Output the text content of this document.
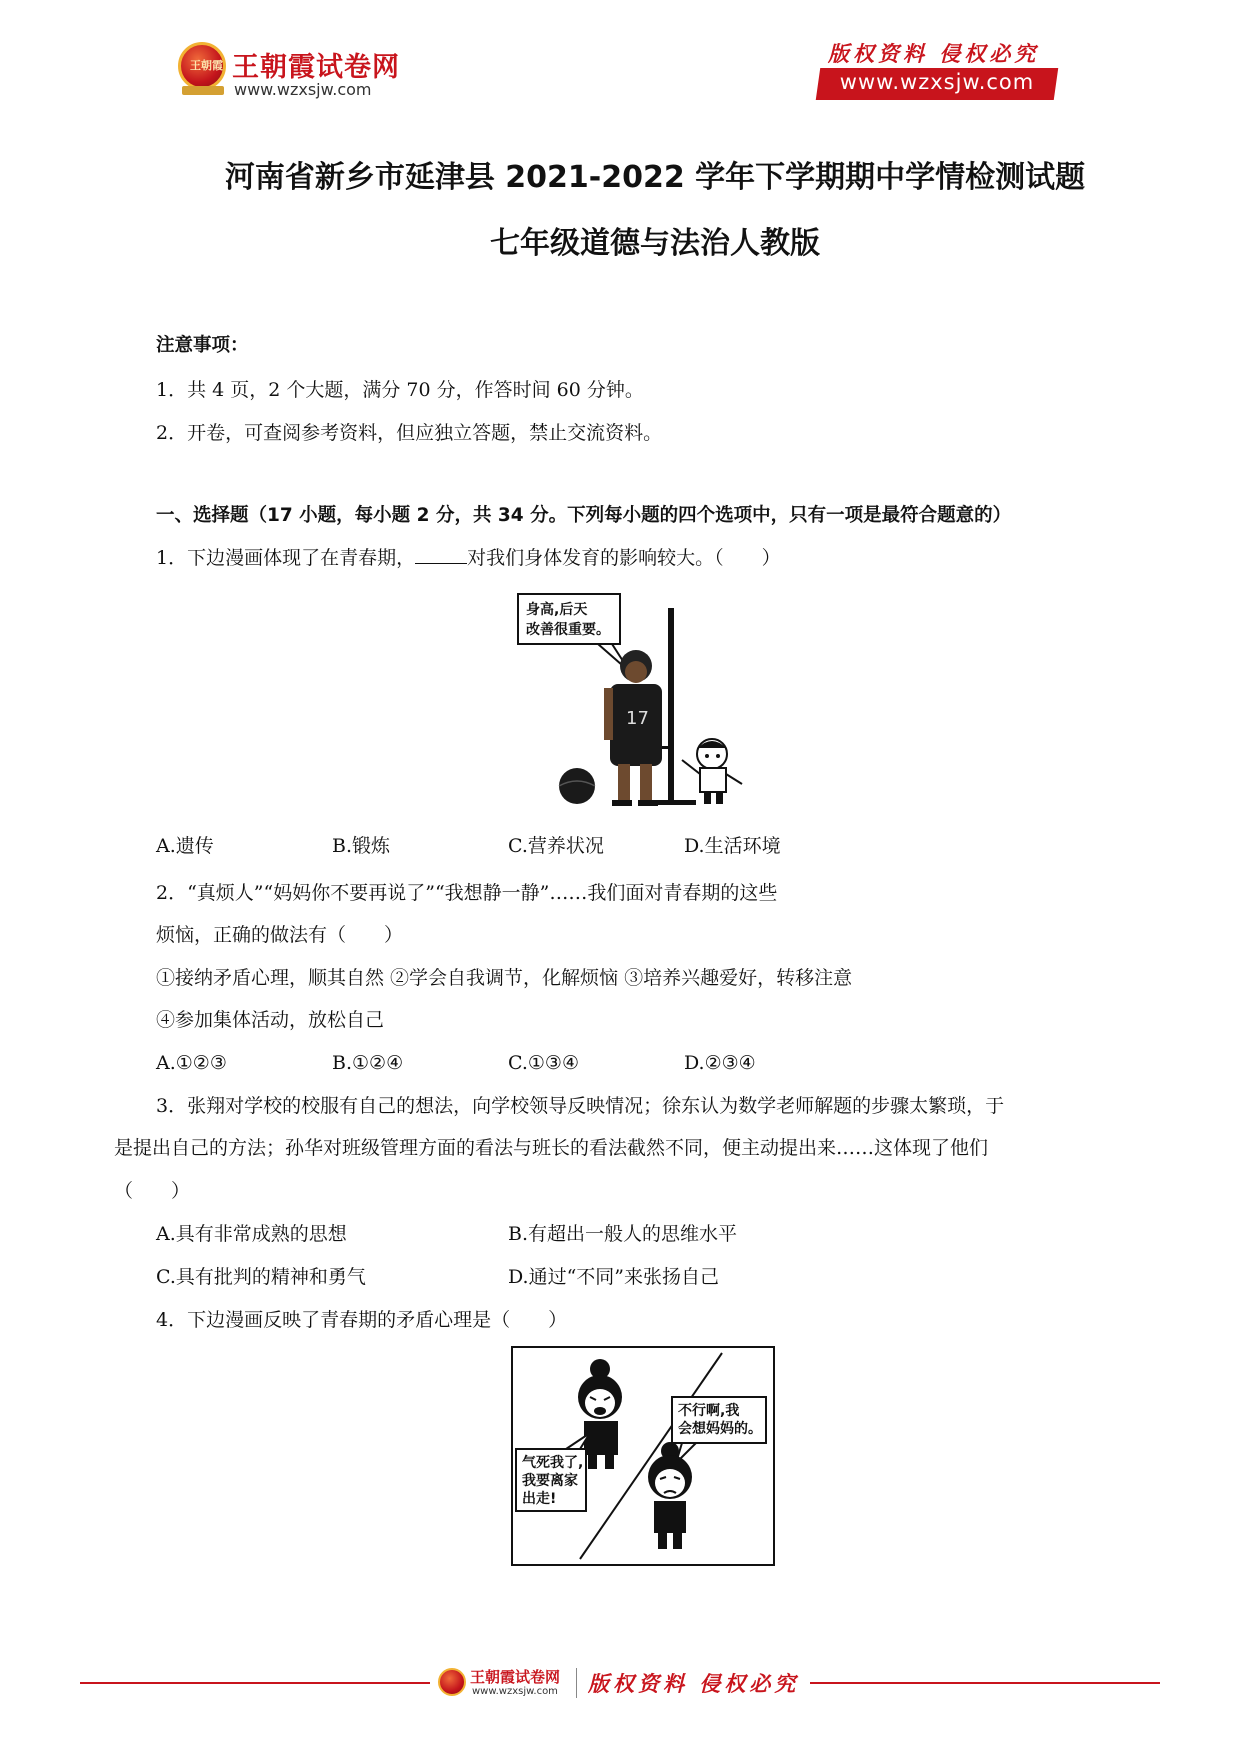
王朝霞 王朝霞试卷网
www.wzxsjw.com
版权资料 侵权必究
www.wzxsjw.com
河南省新乡市延津县 2021-2022 学年下学期期中学情检测试题
七年级道德与法治人教版
注意事项：
1．共 4 页，2 个大题，满分 70 分，作答时间 60 分钟。
2．开卷，可查阅参考资料，但应独立答题，禁止交流资料。
一、选择题（17 小题，每小题 2 分，共 34 分。下列每小题的四个选项中，只有一项是最符合题意的）
1．下边漫画体现了在青春期，	对我们身体发育的影响较大。（　　）
身高,后天
改善很重要。
17
A.遗传	B.锻炼	C.营养状况	D.生活环境
2．“真烦人”“妈妈你不要再说了”“我想静一静”……我们面对青春期的这些
烦恼，正确的做法有（　　）
①接纳矛盾心理，顺其自然 ②学会自我调节，化解烦恼 ③培养兴趣爱好，转移注意
④参加集体活动，放松自己
A.①②③	B.①②④	C.①③④	D.②③④
3．张翔对学校的校服有自己的想法，向学校领导反映情况；徐东认为数学老师解题的步骤太繁琐，于
是提出自己的方法；孙华对班级管理方面的看法与班长的看法截然不同，便主动提出来……这体现了他们
（　　）
A.具有非常成熟的思想	B.有超出一般人的思维水平
C.具有批判的精神和勇气	D.通过“不同”来张扬自己
4．下边漫画反映了青春期的矛盾心理是（　　）
气死我了,
我要离家
出走!
不行啊,我
会想妈妈的。
王朝霞试卷网
www.wzxsjw.com 版权资料 侵权必究
